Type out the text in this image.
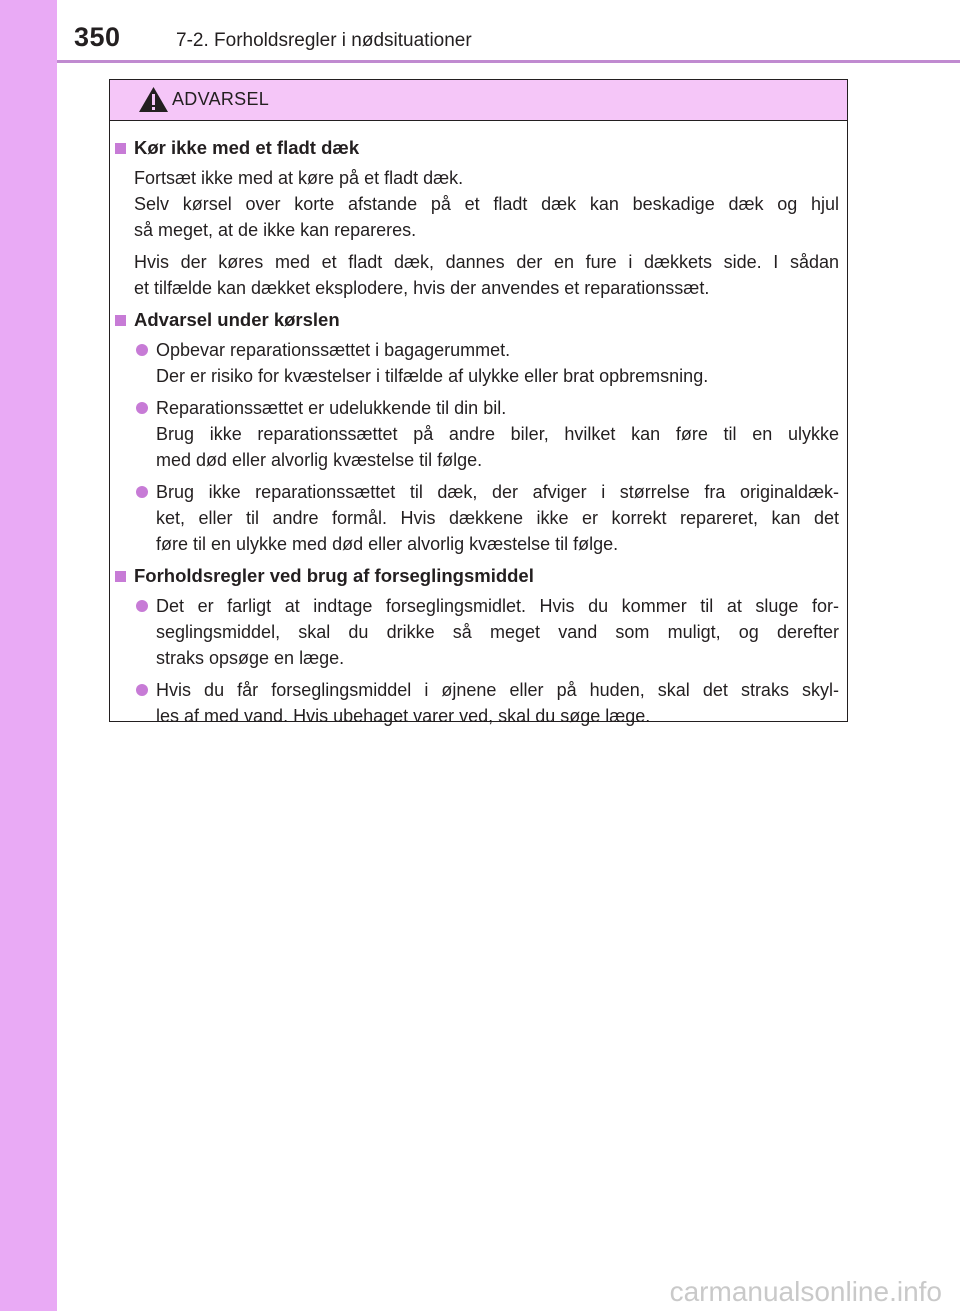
350	7-2. Forholdsregler i nødsituationer
ADVARSEL
Kør ikke med et fladt dæk
Fortsæt ikke med at køre på et fladt dæk.
Selv kørsel over korte afstande på et fladt dæk kan beskadige dæk og hjul
så meget, at de ikke kan repareres.
Hvis der køres med et fladt dæk, dannes der en fure i dækkets side. I sådan
et tilfælde kan dækket eksplodere, hvis der anvendes et reparationssæt.
Advarsel under kørslen
Opbevar reparationssættet i bagagerummet.
Der er risiko for kvæstelser i tilfælde af ulykke eller brat opbremsning.
Reparationssættet er udelukkende til din bil.
Brug ikke reparationssættet på andre biler, hvilket kan føre til en ulykke
med død eller alvorlig kvæstelse til følge.
Brug ikke reparationssættet til dæk, der afviger i størrelse fra originaldæk-
ket, eller til andre formål. Hvis dækkene ikke er korrekt repareret, kan det
føre til en ulykke med død eller alvorlig kvæstelse til følge.
Forholdsregler ved brug af forseglingsmiddel
Det er farligt at indtage forseglingsmidlet. Hvis du kommer til at sluge for-
seglingsmiddel, skal du drikke så meget vand som muligt, og derefter
straks opsøge en læge.
Hvis du får forseglingsmiddel i øjnene eller på huden, skal det straks skyl-
les af med vand. Hvis ubehaget varer ved, skal du søge læge.
carmanualsonline.info
